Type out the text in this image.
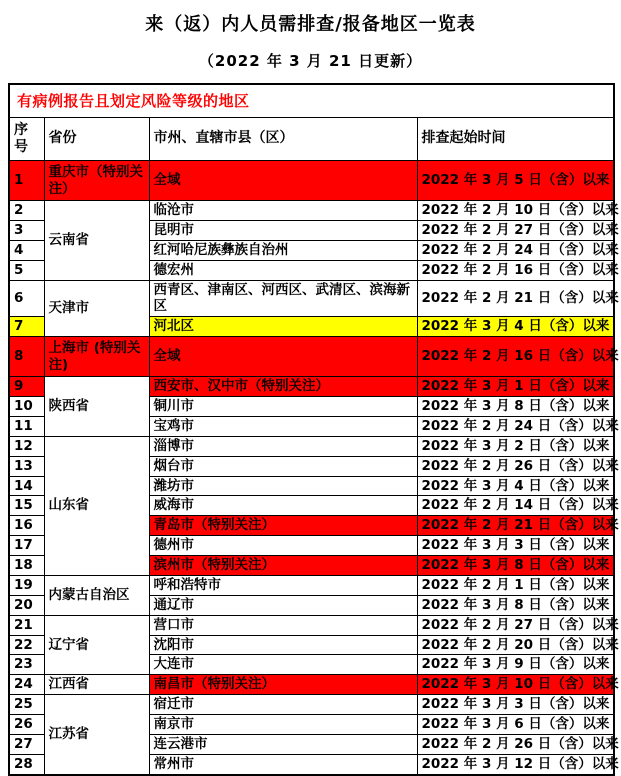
来（返）内人员需排查/报备地区一览表
（2022 年 3 月 21 日更新）
有病例报告且划定风险等级的地区			
序号	省份	市州、直辖市县（区）	排查起始时间
1	重庆市（特别关注）	全域	2022 年 3 月 5 日（含）以来
2	云南省	临沧市	2022 年 2 月 10 日（含）以来
3		昆明市	2022 年 2 月 27 日（含）以来
4		红河哈尼族彝族自治州	2022 年 2 月 24 日（含）以来
5		德宏州	2022 年 2 月 16 日（含）以来
6	天津市	西青区、津南区、河西区、武清区、滨海新区	2022 年 2 月 21 日（含）以来
7		河北区	2022 年 3 月 4 日（含）以来
8	上海市 (特别关注)	全域	2022 年 2 月 16 日（含）以来
9	陕西省	西安市、汉中市（特别关注）	2022 年 3 月 1 日（含）以来
10		铜川市	2022 年 3 月 8 日（含）以来
11		宝鸡市	2022 年 2 月 24 日（含）以来
12	山东省	淄博市	2022 年 3 月 2 日（含）以来
13		烟台市	2022 年 2 月 26 日（含）以来
14		潍坊市	2022 年 3 月 4 日（含）以来
15		威海市	2022 年 2 月 14 日（含）以来
16		青岛市（特别关注）	2022 年 2 月 21 日（含）以来
17		德州市	2022 年 3 月 3 日（含）以来
18		滨州市（特别关注）	2022 年 3 月 8 日（含）以来
19	内蒙古自治区	呼和浩特市	2022 年 2 月 1 日（含）以来
20		通辽市	2022 年 3 月 8 日（含）以来
21	辽宁省	营口市	2022 年 2 月 27 日（含）以来
22		沈阳市	2022 年 2 月 20 日（含）以来
23		大连市	2022 年 3 月 9 日（含）以来
24	江西省	南昌市（特别关注）	2022 年 3 月 10 日（含）以来
25	江苏省	宿迁市	2022 年 3 月 3 日（含）以来
26		南京市	2022 年 3 月 6 日（含）以来
27		连云港市	2022 年 2 月 26 日（含）以来
28		常州市	2022 年 3 月 12 日（含）以来
